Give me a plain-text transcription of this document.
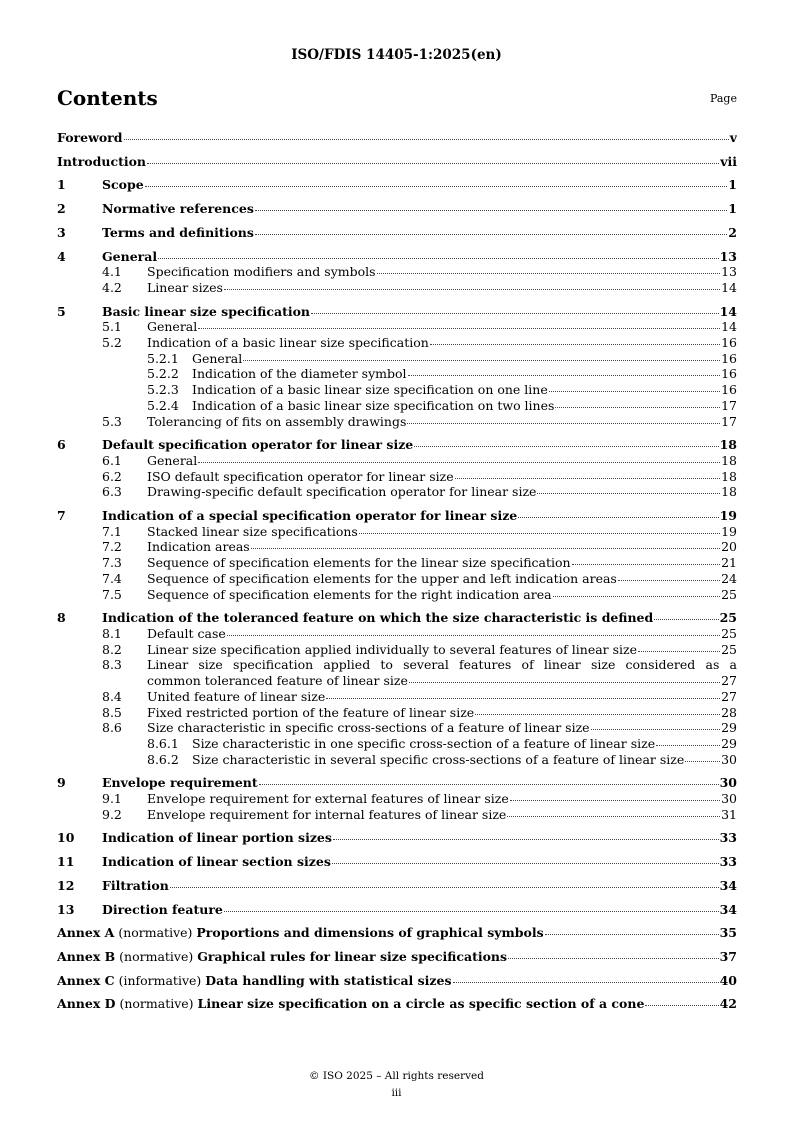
ISO/FDIS 14405-1:2025(en)
Contents	Page
Foreword	v
Introduction	vii
1	Scope	1
2	Normative references	1
3	Terms and definitions	2
4	General	13
4.1	Specification modifiers and symbols	13
4.2	Linear sizes	14
5	Basic linear size specification	14
5.1	General	14
5.2	Indication of a basic linear size specification	16
5.2.1	General	16
5.2.2	Indication of the diameter symbol	16
5.2.3	Indication of a basic linear size specification on one line	16
5.2.4	Indication of a basic linear size specification on two lines	17
5.3	Tolerancing of fits on assembly drawings	17
6	Default specification operator for linear size	18
6.1	General	18
6.2	ISO default specification operator for linear size	18
6.3	Drawing-specific default specification operator for linear size	18
7	Indication of a special specification operator for linear size	19
7.1	Stacked linear size specifications	19
7.2	Indication areas	20
7.3	Sequence of specification elements for the linear size specification	21
7.4	Sequence of specification elements for the upper and left indication areas	24
7.5	Sequence of specification elements for the right indication area	25
8	Indication of the toleranced feature on which the size characteristic is defined	25
8.1	Default case	25
8.2	Linear size specification applied individually to several features of linear size	25
8.3	Linear size specification applied to several features of linear size considered as a
common toleranced feature of linear size	27
8.4	United feature of linear size	27
8.5	Fixed restricted portion of the feature of linear size	28
8.6	Size characteristic in specific cross-sections of a feature of linear size	29
8.6.1	Size characteristic in one specific cross-section of a feature of linear size	29
8.6.2	Size characteristic in several specific cross-sections of a feature of linear size	30
9	Envelope requirement	30
9.1	Envelope requirement for external features of linear size	30
9.2	Envelope requirement for internal features of linear size	31
10	Indication of linear portion sizes	33
11	Indication of linear section sizes	33
12	Filtration	34
13	Direction feature	34
Annex A (normative) Proportions and dimensions of graphical symbols	35
Annex B (normative) Graphical rules for linear size specifications	37
Annex C (informative) Data handling with statistical sizes	40
Annex D (normative) Linear size specification on a circle as specific section of a cone	42
© ISO 2025 – All rights reserved
iii
